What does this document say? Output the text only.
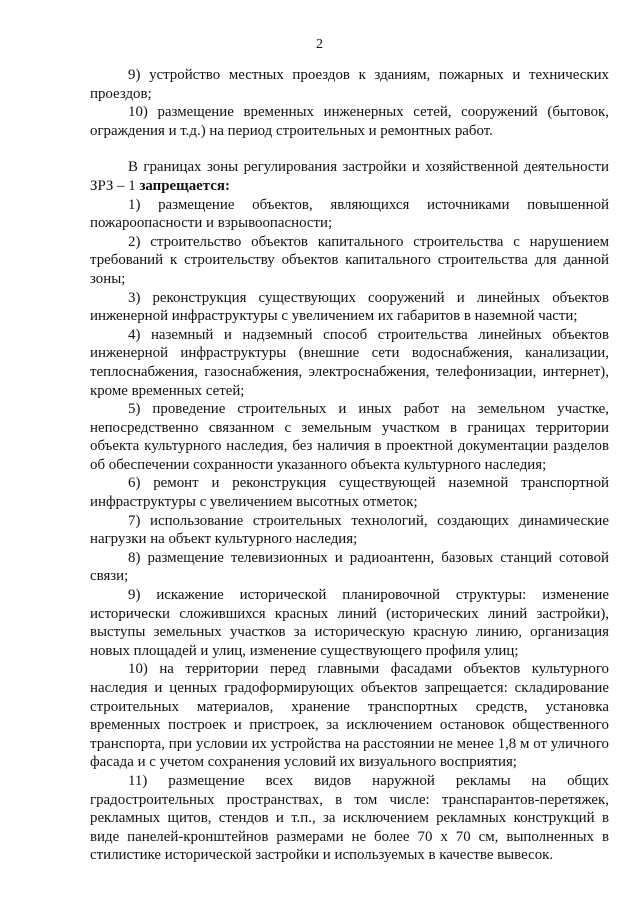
2

9) устройство местных проездов к зданиям, пожарных и технических проездов;

10) размещение временных инженерных сетей, сооружений (бытовок, ограждения и т.д.) на период строительных и ремонтных работ.

В границах зоны регулирования застройки и хозяйственной деятельности ЗРЗ – 1 запрещается:

1) размещение объектов, являющихся источниками повышенной пожароопасности и взрывоопасности;

2) строительство объектов капитального строительства с нарушением требований к строительству объектов капитального строительства для данной зоны;

3) реконструкция существующих сооружений и линейных объектов инженерной инфраструктуры с увеличением их габаритов в наземной части;

4) наземный и надземный способ строительства линейных объектов инженерной инфраструктуры (внешние сети водоснабжения, канализации, теплоснабжения, газоснабжения, электроснабжения, телефонизации, интернет), кроме временных сетей;

5) проведение строительных и иных работ на земельном участке, непосредственно связанном с земельным участком в границах территории объекта культурного наследия, без наличия в проектной документации разделов об обеспечении сохранности указанного объекта культурного наследия;

6) ремонт и реконструкция существующей наземной транспортной инфраструктуры с увеличением высотных отметок;

7) использование строительных технологий, создающих динамические нагрузки на объект культурного наследия;

8) размещение телевизионных и радиоантенн, базовых станций сотовой связи;

9) искажение исторической планировочной структуры: изменение исторически сложившихся красных линий (исторических линий застройки), выступы земельных участков за историческую красную линию, организация новых площадей и улиц, изменение существующего профиля улиц;

10) на территории перед главными фасадами объектов культурного наследия и ценных градоформирующих объектов запрещается: складирование строительных материалов, хранение транспортных средств, установка временных построек и пристроек, за исключением остановок общественного транспорта, при условии их устройства на расстоянии не менее 1,8 м от уличного фасада и с учетом сохранения условий их визуального восприятия;

11) размещение всех видов наружной рекламы на общих градостроительных пространствах, в том числе: транспарантов-перетяжек, рекламных щитов, стендов и т.п., за исключением рекламных конструкций в виде панелей-кронштейнов размерами не более 70 х 70 см, выполненных в стилистике исторической застройки и используемых в качестве вывесок.
